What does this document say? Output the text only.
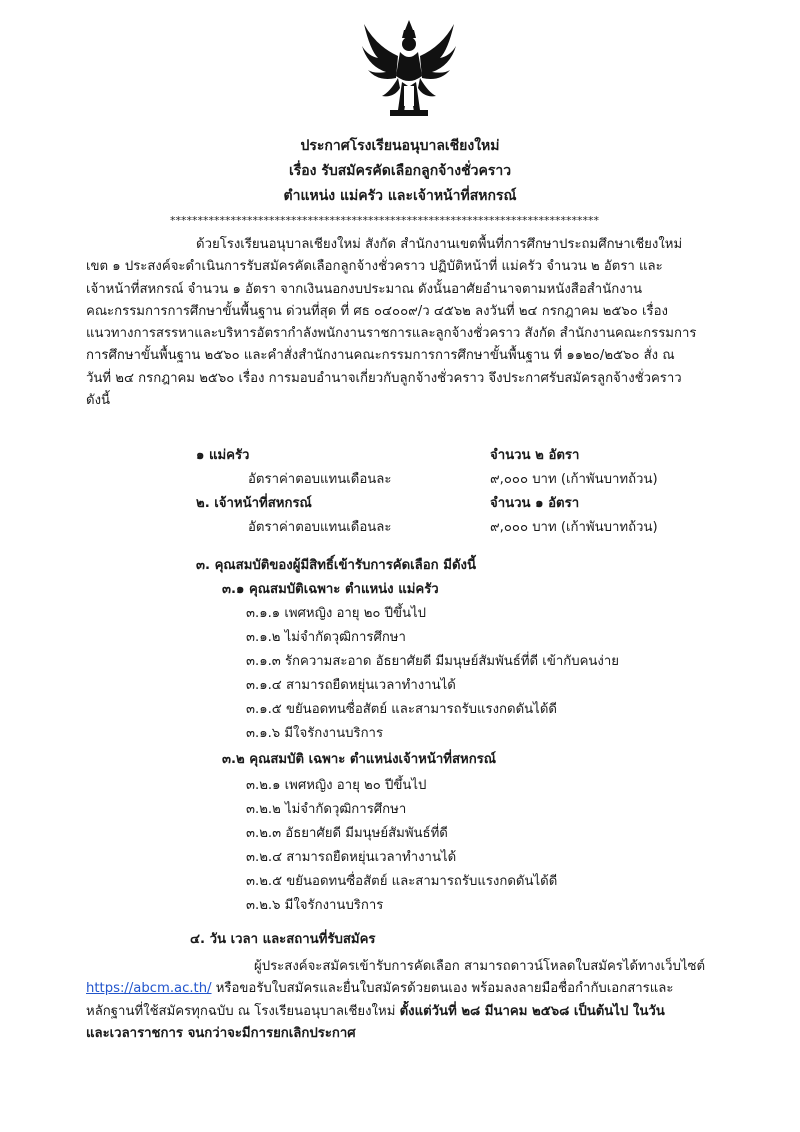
ประกาศโรงเรียนอนุบาลเชียงใหม่
เรื่อง รับสมัครคัดเลือกลูกจ้างชั่วคราว
ตำแหน่ง แม่ครัว และเจ้าหน้าที่สหกรณ์
******************************************************************************
ด้วยโรงเรียนอนุบาลเชียงใหม่ สังกัด สำนักงานเขตพื้นที่การศึกษาประถมศึกษาเชียงใหม่
เขต ๑ ประสงค์จะดำเนินการรับสมัครคัดเลือกลูกจ้างชั่วคราว ปฏิบัติหน้าที่ แม่ครัว จำนวน ๒ อัตรา และ
เจ้าหน้าที่สหกรณ์ จำนวน ๑ อัตรา จากเงินนอกงบประมาณ ดังนั้นอาศัยอำนาจตามหนังสือสำนักงาน
คณะกรรมการการศึกษาขั้นพื้นฐาน ด่วนที่สุด ที่ ศธ ๐๔๐๐๙/ว ๔๕๖๒ ลงวันที่ ๒๔ กรกฎาคม ๒๕๖๐ เรื่อง
แนวทางการสรรหาและบริหารอัตรากำลังพนักงานราชการและลูกจ้างชั่วคราว สังกัด สำนักงานคณะกรรมการ
การศึกษาขั้นพื้นฐาน ๒๕๖๐ และคำสั่งสำนักงานคณะกรรมการการศึกษาขั้นพื้นฐาน ที่ ๑๑๒๐/๒๕๖๐ สั่ง ณ
วันที่ ๒๔ กรกฎาคม ๒๕๖๐ เรื่อง การมอบอำนาจเกี่ยวกับลูกจ้างชั่วคราว จึงประกาศรับสมัครลูกจ้างชั่วคราว
ดังนี้
๑ แม่ครัว	จำนวน ๒ อัตรา
อัตราค่าตอบแทนเดือนละ	๙,๐๐๐ บาท (เก้าพันบาทถ้วน)
๒. เจ้าหน้าที่สหกรณ์	จำนวน ๑ อัตรา
อัตราค่าตอบแทนเดือนละ	๙,๐๐๐ บาท (เก้าพันบาทถ้วน)
๓. คุณสมบัติของผู้มีสิทธิ์เข้ารับการคัดเลือก มีดังนี้
๓.๑ คุณสมบัติเฉพาะ ตำแหน่ง แม่ครัว
๓.๑.๑ เพศหญิง อายุ ๒๐ ปีขึ้นไป
๓.๑.๒ ไม่จำกัดวุฒิการศึกษา
๓.๑.๓ รักความสะอาด อัธยาศัยดี มีมนุษย์สัมพันธ์ที่ดี เข้ากับคนง่าย
๓.๑.๔ สามารถยืดหยุ่นเวลาทำงานได้
๓.๑.๕ ขยันอดทนซื่อสัตย์ และสามารถรับแรงกดดันได้ดี
๓.๑.๖ มีใจรักงานบริการ
๓.๒ คุณสมบัติ เฉพาะ ตำแหน่งเจ้าหน้าที่สหกรณ์
๓.๒.๑ เพศหญิง อายุ ๒๐ ปีขึ้นไป
๓.๒.๒ ไม่จำกัดวุฒิการศึกษา
๓.๒.๓ อัธยาศัยดี มีมนุษย์สัมพันธ์ที่ดี
๓.๒.๔ สามารถยืดหยุ่นเวลาทำงานได้
๓.๒.๕ ขยันอดทนซื่อสัตย์ และสามารถรับแรงกดดันได้ดี
๓.๒.๖ มีใจรักงานบริการ
๔. วัน เวลา และสถานที่รับสมัคร
ผู้ประสงค์จะสมัครเข้ารับการคัดเลือก สามารถดาวน์โหลดใบสมัครได้ทางเว็บไซต์
https://abcm.ac.th/ หรือขอรับใบสมัครและยื่นใบสมัครด้วยตนเอง พร้อมลงลายมือชื่อกำกับเอกสารและ
หลักฐานที่ใช้สมัครทุกฉบับ ณ โรงเรียนอนุบาลเชียงใหม่ ตั้งแต่วันที่ ๒๘ มีนาคม ๒๕๖๘ เป็นต้นไป ในวัน
และเวลาราชการ จนกว่าจะมีการยกเลิกประกาศ
